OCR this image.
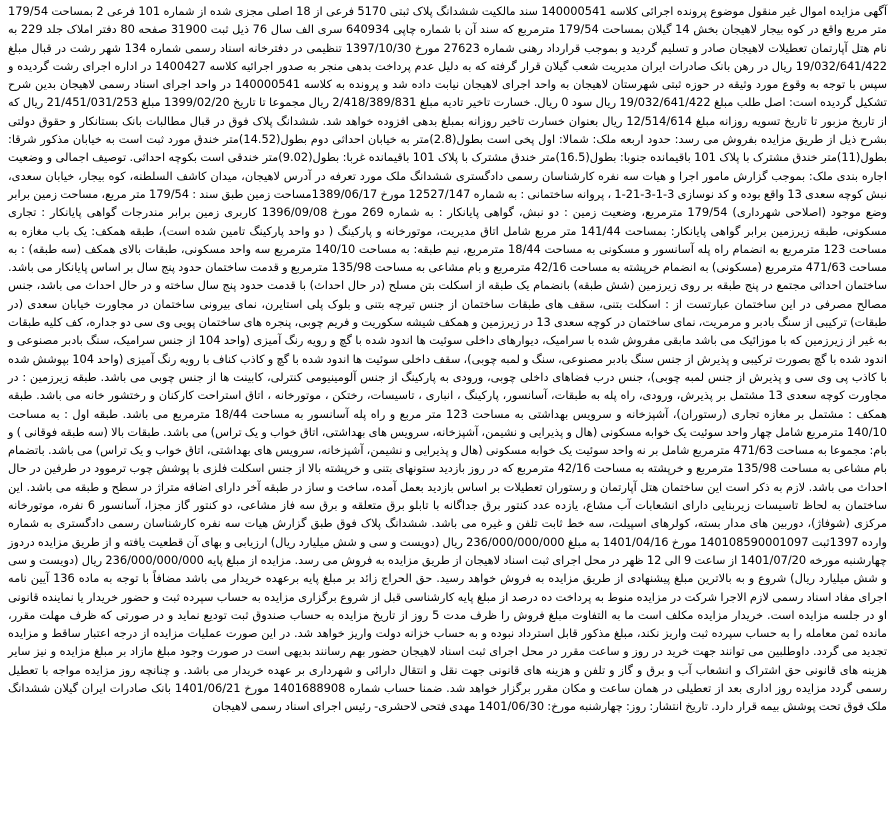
آگهی مزایده اموال غیر منقول موضوع پرونده اجرائی کلاسه 140000541 سند مالکیت ششدانگ پلاک ثبتی 5170 فرعی از 18 اصلی مجزی شده از شماره 101 فرعی 2 بمساحت 179/54 متر مربع واقع در کوه بیجار لاهیجان بخش 14 گیلان بمساحت 179/54 مترمربع که سند آن با شماره چاپی 640934 سری الف سال 76 ذیل ثبت 31900 صفحه 80 دفتر املاک جلد 229 به نام هتل آپارتمان تعطیلات لاهیجان صادر و تسلیم گردید و بموجب قرارداد رهنی شماره 27623 مورخ 1397/10/30 تنظیمی در دفترخانه اسناد رسمی شماره 134 شهر رشت در قبال مبلغ 19/032/641/422 ریال در رهن بانک صادرات ایران مدیریت شعب گیلان قرار گرفته که به دلیل عدم پرداخت بدهی منجر به صدور اجرائیه کلاسه 1400427 در اداره اجرای رشت گردیده و سپس با توجه به وقوع مورد وثیقه در حوزه ثبتی شهرستان لاهیجان به واحد اجرای لاهیجان نیابت داده شد و پرونده به کلاسه 140000541 در واحد اجرای اسناد رسمی لاهیجان بدین شرح تشکیل گردیده است: اصل طلب مبلغ 19/032/641/422 ریال سود 0 ریال. خسارت تاخیر تادیه مبلغ 2/418/389/831 ریال مجموعا تا تاریخ 1399/02/20 مبلغ 21/451/031/253 ریال که از تاریخ مزبور تا تاریخ تسویه روزانه مبلغ 12/514/614 ریال بعنوان خسارت تاخیر روزانه بمبلغ بدهی افزوده خواهد شد. ششدانگ پلاک فوق در قبال مطالبات بانک بستانکار و حقوق دولتی بشرح ذیل از طریق مزایده بفروش می رسد: حدود اربعه ملک: شمالا: اول پخی است بطول(2.8)متر به خیابان احداثی دوم بطول(14.52)متر خندق مورد ثبت است به خیابان مذکور شرقا: بطول(11)متر خندق مشترک با پلاک 101 باقیمانده جنوبا: بطول(16.5)متر خندق مشترک با پلاک 101 باقیمانده غربا: بطول(9.02)متر خندقی است بکوچه احداثی. توصیف اجمالی و وضعیت اجاره بندی ملک: بموجب گزارش مامور اجرا و هیات سه نفره کارشناسان رسمی دادگستری ششدانگ ملک مورد تعرفه در آدرس لاهیجان، میدان کاشف السلطنه، کوه بیجار، خیابان سعدی، نبش کوچه سعدی 13 واقع بوده و کد نوسازی 3-1-3-21-1 ، پروانه ساختمانی : به شماره 12527/147 مورخ 1389/06/17مساحت زمین طبق سند : 179/54 متر مربع، مساحت زمین برابر وضع موجود (اصلاحی شهرداری) 179/54 مترمربع، وضعیت زمین : دو نبش، گواهی پایانکار : به شماره 269 مورخ 1396/09/08 کاربری زمین برابر مندرجات گواهی پایانکار : تجاری مسکونی، طبقه زیرزمین برابر گواهی پایانکار: بمساحت 141/44 متر مربع شامل اتاق مدیریت، موتورخانه و پارکینگ ( دو واحد پارکینگ تامین شده است)، طبقه همکف: یک باب مغازه به مساحت 123 مترمربع به انضمام راه پله آسانسور و مسکونی به مساحت 18/44 مترمربع، نیم طبقه: به مساحت 140/10 مترمربع سه واحد مسکونی، طبقات بالای همکف (سه طبقه) : به مساحت 471/63 مترمربع (مسکونی) به انضمام خرپشته به مساحت 42/16 مترمربع و بام مشاعی به مساحت 135/98 مترمربع و قدمت ساختمان حدود پنج سال بر اساس پایانکار می باشد. ساختمان احداثی مجتمع در پنج طبقه بر روی زیرزمین (شش طبقه) بانضمام یک طبقه از اسکلت بتن مسلح (در حال احداث) با قدمت حدود پنج سال ساخته و در حال احداث می باشد، جنس مصالح مصرفی در این ساختمان عبارتست از : اسکلت بتنی، سقف های طبقات ساختمان از جنس تیرچه بتنی و بلوک پلی استایرن، نمای بیرونی ساختمان در مجاورت خیابان سعدی (در طبقات) ترکیبی از سنگ بادبر و مرمریت، نمای ساختمان در کوچه سعدی 13 در زیرزمین و همکف شیشه سکوریت و فریم چوبی، پنجره های ساختمان پویی وی سی دو جداره، کف کلیه طبقات به غیر از زیرزمین که با موزائیک می باشد مابقی مفروش شده با سرامیک، دیوارهای داخلی سوئیت ها اندود شده با گچ و رویه رنگ آمیزی (واحد 104 از جنس سرامیک، سنگ بادبر مصنوعی و اندود شده با گچ بصورت ترکیبی و پذیرش از جنس سنگ بادبر مصنوعی، سنگ و لمبه چوبی)، سقف داخلی سوئیت ها اندود شده با گچ و کاذب کناف با رویه رنگ آمیزی (واحد 104 بپوشش شده با کاذب پی وی سی و پذیرش از جنس لمبه چوبی)، جنس درب فضاهای داخلی چوبی، ورودی به پارکینگ از جنس آلومینیومی کنترلی، کابینت ها از جنس چوبی می باشد. طبقه زیرزمین : در مجاورت کوچه سعدی 13 مشتمل بر پذیرش، ورودی، راه پله به طبقات، آسانسور، پارکینگ ، انباری ، تاسیسات، رختکن ، موتورخانه ، اتاق استراحت کارکنان و رختشور خانه می باشد. طبقه همکف : مشتمل بر مغازه تجاری (رستوران)، آشپزخانه و سرویس بهداشتی به مساحت 123 متر مربع و راه پله آسانسور به مساحت 18/44 مترمربع می باشد. طبقه اول : به مساحت 140/10 مترمربع شامل چهار واحد سوئیت یک خوابه مسکونی (هال و پذیرایی و نشیمن، آشپزخانه، سرویس های بهداشتی، اتاق خواب و یک تراس) می باشد. طبقات بالا (سه طبقه فوقانی ) و بام: مجموعا به مساحت 471/63 مترمربع شامل بر نه واحد سوئیت یک خوابه مسکونی (هال و پذیرایی و نشیمن، آشپزخانه، سرویس های بهداشتی، اتاق خواب و یک تراس) می باشد. باتضمام بام مشاعی به مساحت 135/98 مترمربع و خرپشته به مساحت 42/16 مترمربع که در روز بازدید ستونهای بتنی و خرپشته بالا از جنس اسکلت فلزی با پوشش چوب ترموود در طرفین در حال احداث می باشد. لازم به ذکر است این ساختمان هتل آپارتمان و رستوران تعطیلات بر اساس بازدید بعمل آمده، ساخت و ساز در طبقه آخر دارای اضافه متراژ در سطح و طبقه می باشد. این ساختمان به لحاظ تاسیسات زیربنایی دارای انشعابات آب مشاع، یازده عدد کنتور برق جداگانه با تابلو برق متعلقه و برق سه فاز مشاعی، دو کنتور گاز مجزا، آسانسور 6 نفره، موتورخانه مرکزی (شوفاژ)، دوربین های مدار بسته، کولرهای اسپیلت، سه خط ثابت تلفن و غیره می باشد. ششدانگ پلاک فوق طبق گزارش هیات سه نفره کارشناسان رسمی دادگستری به شماره وارده 1397ثبت 140108590001097 مورخ 1401/04/16 به مبلغ 236/000/000/000 ریال (دویست و سی و شش میلیارد ریال) ارزیابی و بهای آن قطعیت یافته و از طریق مزایده دردوز چهارشنبه مورخه 1401/07/20 از ساعت 9 الی 12 ظهر در محل اجرای ثبت اسناد لاهیجان از طریق مزایده به فروش می رسد. مزایده از مبلغ پایه 236/000/000/000 ریال (دویست و سی و شش میلیارد ریال) شروع و به بالاترین مبلغ پیشنهادی از طریق مزایده به فروش خواهد رسید. حق الحراج زائد بر مبلغ پایه برعهده خریدار می باشد مضافاً با توجه به ماده 136 آیین نامه اجرای مفاد اسناد رسمی لازم الاجرا شرکت در مزایده منوط به پرداخت ده درصد از مبلغ پایه کارشناسی قبل از شروع برگزاری مزایده به حساب سپرده ثبت و حضور خریدار یا نماینده قانونی او در جلسه مزایده است. خریدار مزایده مکلف است ما به التفاوت مبلغ فروش را ظرف مدت 5 روز از تاریخ مزایده به حساب صندوق ثبت تودیع نماید و در صورتی که ظرف مهلت مقرر، مانده ثمن معامله را به حساب سپرده ثبت واریز نکند، مبلغ مذکور قابل استرداد نبوده و به حساب خزانه دولت واریز خواهد شد. در این صورت عملیات مزایده از درجه اعتبار ساقط و مزایده تجدید می گردد. داوطلبین می توانند جهت خرید در روز و ساعت مقرر در محل اجرای ثبت اسناد لاهیجان حضور بهم رسانند بدیهی است در صورت وجود مبلغ مازاد بر مبلغ مزایده و نیز سایر هزینه های قانونی حق اشتراک و انشعاب آب و برق و گاز و تلفن و هزینه های قانونی جهت نقل و انتقال دارائی و شهرداری بر عهده خریدار می باشد. و چنانچه روز مزایده مواجه با تعطیل رسمی گردد مزایده روز اداری بعد از تعطیلی در همان ساعت و مکان مقرر برگزار خواهد شد. ضمنا حساب شماره 1401688908 مورخ 1401/06/21 بانک صادرات ایران گیلان ششدانگ ملک فوق تحت پوشش بیمه قرار دارد. تاریخ انتشار: روز: چهارشنبه مورخ: 1401/06/30 مهدی فتحی لاحشری- رئیس اجرای اسناد رسمی لاهیجان
